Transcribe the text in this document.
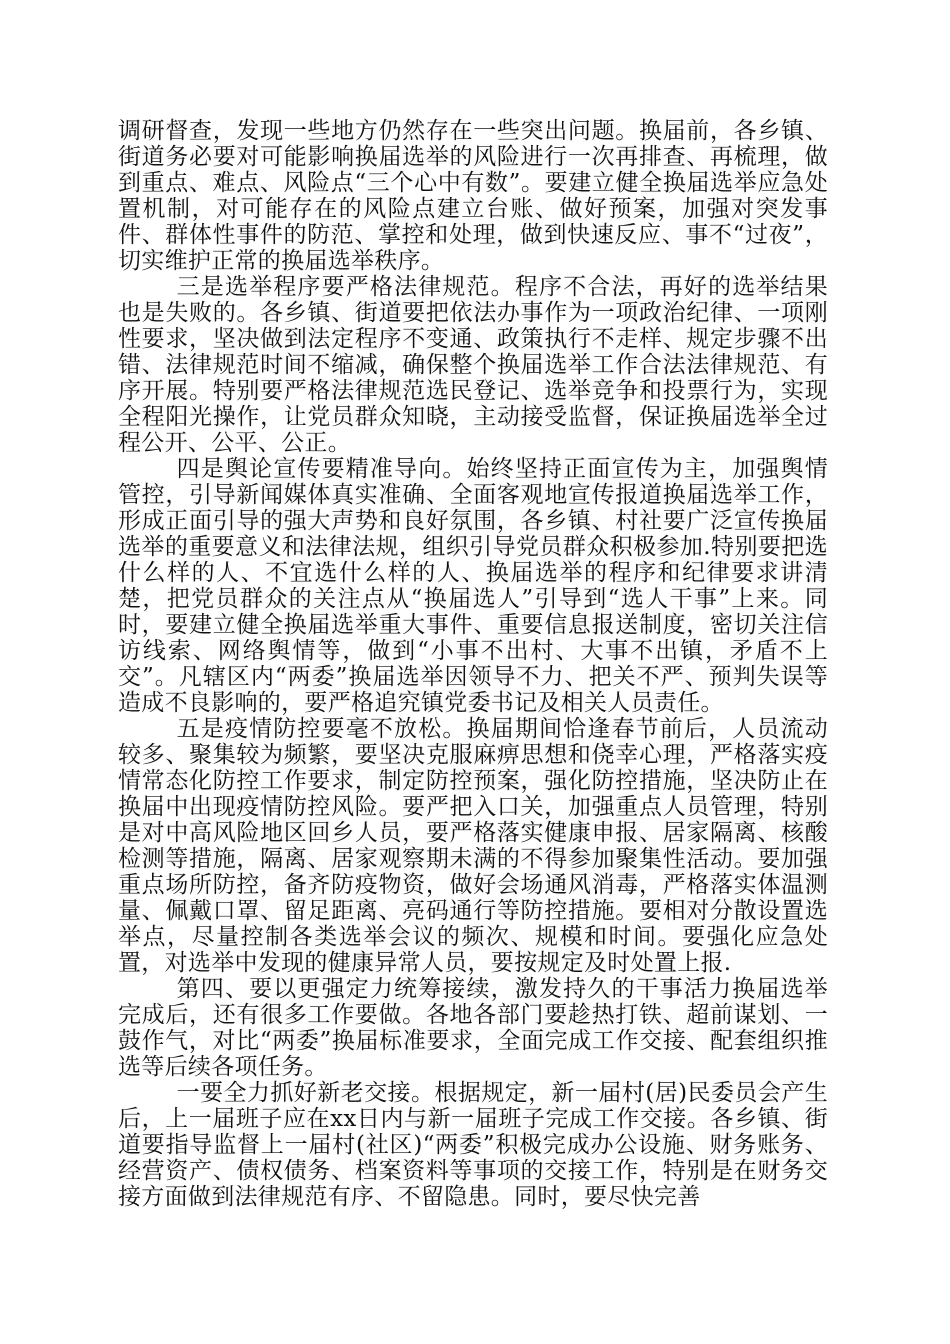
调研督查，发现一些地方仍然存在一些突出问题。换届前，各乡镇、街道务必要对可能影响换届选举的风险进行一次再排查、再梳理，做到重点、难点、风险点“三个心中有数”。要建立健全换届选举应急处置机制，对可能存在的风险点建立台账、做好预案，加强对突发事件、群体性事件的防范、掌控和处理，做到快速反应、事不“过夜”，切实维护正常的换届选举秩序。

三是选举程序要严格法律规范。程序不合法，再好的选举结果也是失败的。各乡镇、街道要把依法办事作为一项政治纪律、一项刚性要求，坚决做到法定程序不变通、政策执行不走样、规定步骤不出错、法律规范时间不缩减，确保整个换届选举工作合法法律规范、有序开展。特别要严格法律规范选民登记、选举竞争和投票行为，实现全程阳光操作，让党员群众知晓，主动接受监督，保证换届选举全过程公开、公平、公正。

四是舆论宣传要精准导向。始终坚持正面宣传为主，加强舆情管控，引导新闻媒体真实准确、全面客观地宣传报道换届选举工作，形成正面引导的强大声势和良好氛围，各乡镇、村社要广泛宣传换届选举的重要意义和法律法规，组织引导党员群众积极参加.特别要把选什么样的人、不宜选什么样的人、换届选举的程序和纪律要求讲清楚，把党员群众的关注点从“换届选人”引导到“选人干事”上来。同时，要建立健全换届选举重大事件、重要信息报送制度，密切关注信访线索、网络舆情等，做到“小事不出村、大事不出镇，矛盾不上交”。凡辖区内“两委”换届选举因领导不力、把关不严、预判失误等造成不良影响的，要严格追究镇党委书记及相关人员责任。

五是疫情防控要毫不放松。换届期间恰逢春节前后，人员流动较多、聚集较为频繁，要坚决克服麻痹思想和侥幸心理，严格落实疫情常态化防控工作要求，制定防控预案，强化防控措施，坚决防止在换届中出现疫情防控风险。要严把入口关，加强重点人员管理，特别是对中高风险地区回乡人员，要严格落实健康申报、居家隔离、核酸检测等措施，隔离、居家观察期未满的不得参加聚集性活动。要加强重点场所防控，备齐防疫物资，做好会场通风消毒，严格落实体温测量、佩戴口罩、留足距离、亮码通行等防控措施。要相对分散设置选举点，尽量控制各类选举会议的频次、规模和时间。要强化应急处置，对选举中发现的健康异常人员，要按规定及时处置上报.

第四、要以更强定力统筹接续，激发持久的干事活力换届选举完成后，还有很多工作要做。各地各部门要趁热打铁、超前谋划、一鼓作气，对比“两委”换届标准要求，全面完成工作交接、配套组织推选等后续各项任务。

一要全力抓好新老交接。根据规定，新一届村(居)民委员会产生后，上一届班子应在xx日内与新一届班子完成工作交接。各乡镇、街道要指导监督上一届村(社区)“两委”积极完成办公设施、财务账务、经营资产、债权债务、档案资料等事项的交接工作，特别是在财务交接方面做到法律规范有序、不留隐患。同时，要尽快完善
